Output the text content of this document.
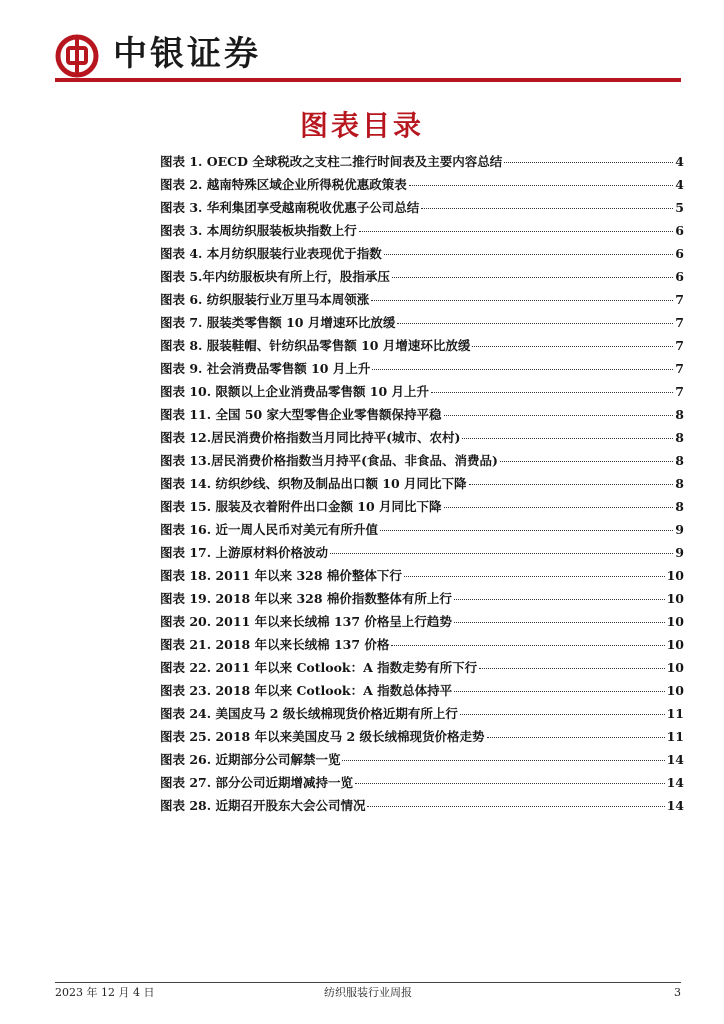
中银证券
图表目录
图表 1. OECD 全球税改之支柱二推行时间表及主要内容总结	4
图表 2. 越南特殊区域企业所得税优惠政策表	4
图表 3. 华利集团享受越南税收优惠子公司总结	5
图表 3. 本周纺织服装板块指数上行	6
图表 4. 本月纺织服装行业表现优于指数	6
图表 5.年内纺服板块有所上行，股指承压	6
图表 6. 纺织服装行业万里马本周领涨	7
图表 7. 服装类零售额 10 月增速环比放缓	7
图表 8. 服装鞋帽、针纺织品零售额 10 月增速环比放缓	7
图表 9. 社会消费品零售额 10 月上升	7
图表 10. 限额以上企业消费品零售额 10 月上升	7
图表 11. 全国 50 家大型零售企业零售额保持平稳	8
图表 12.居民消费价格指数当月同比持平(城市、农村)	8
图表 13.居民消费价格指数当月持平(食品、非食品、消费品)	8
图表 14. 纺织纱线、织物及制品出口额 10 月同比下降	8
图表 15. 服装及衣着附件出口金额 10 月同比下降	8
图表 16. 近一周人民币对美元有所升值	9
图表 17. 上游原材料价格波动	9
图表 18. 2011 年以来 328 棉价整体下行	10
图表 19. 2018 年以来 328 棉价指数整体有所上行	10
图表 20. 2011 年以来长绒棉 137 价格呈上行趋势	10
图表 21. 2018 年以来长绒棉 137 价格	10
图表 22. 2011 年以来 Cotlook：A 指数走势有所下行	10
图表 23. 2018 年以来 Cotlook：A 指数总体持平	10
图表 24. 美国皮马 2 级长绒棉现货价格近期有所上行	11
图表 25. 2018 年以来美国皮马 2 级长绒棉现货价格走势	11
图表 26. 近期部分公司解禁一览	14
图表 27. 部分公司近期增减持一览	14
图表 28. 近期召开股东大会公司情况	14
2023 年 12 月 4 日	纺织服装行业周报	3
